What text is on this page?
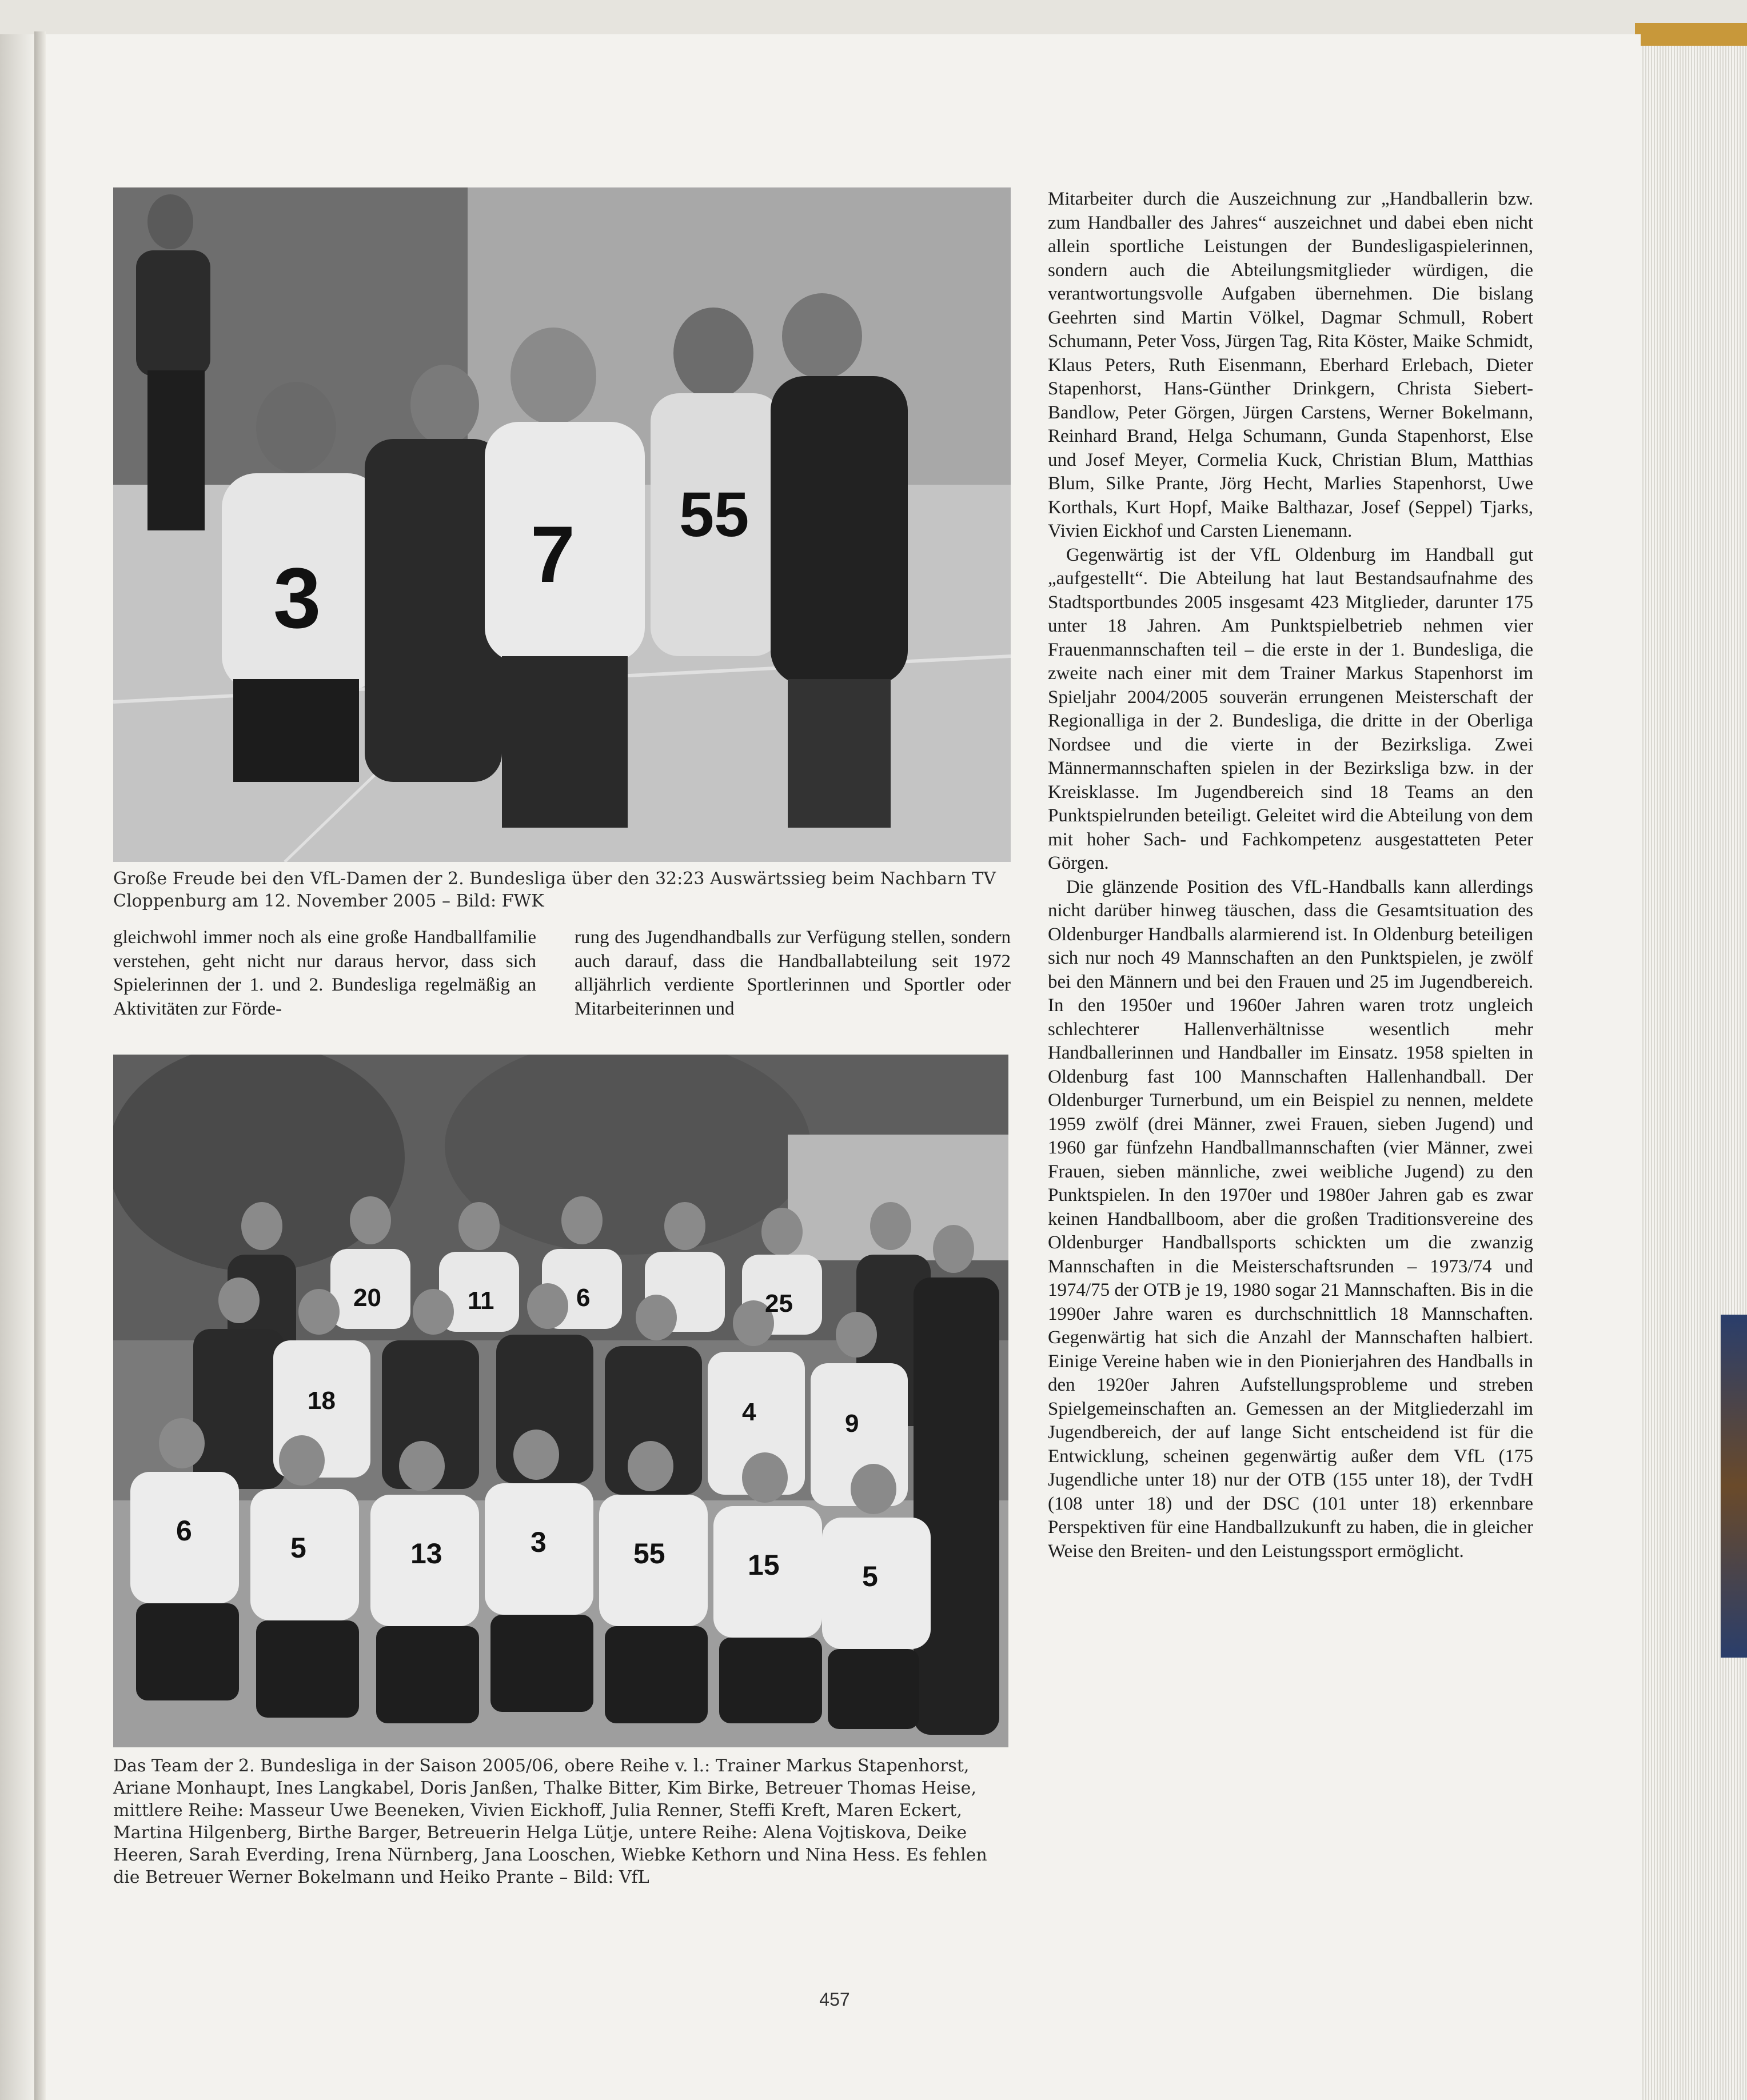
3	7 55
Große Freude bei den VfL-Damen der 2. Bundesliga über den 32:23 Auswärtssieg beim Nachbarn TV Cloppenburg am 12. November 2005 – Bild: FWK

gleichwohl immer noch als eine große Handballfamilie verstehen, geht nicht nur daraus hervor, dass sich Spielerinnen der 1. und 2. Bundesliga regelmäßig an Aktivitäten zur Förde-

rung des Jugendhandballs zur Verfügung stellen, sondern auch darauf, dass die Handballabteilung seit 1972 alljährlich verdiente Sportlerinnen und Sportler oder Mitarbeiterinnen und

20	11	6	25
18	4	9
6
5	13	3	55	15	5
Das Team der 2. Bundesliga in der Saison 2005/06, obere Reihe v. l.: Trainer Markus Stapenhorst, Ariane Monhaupt, Ines Langkabel, Doris Janßen, Thalke Bitter, Kim Birke, Betreuer Thomas Heise, mittlere Reihe: Masseur Uwe Beeneken, Vivien Eickhoff, Julia Renner, Steffi Kreft, Maren Eckert, Martina Hilgenberg, Birthe Barger, Betreuerin Helga Lütje, untere Reihe: Alena Vojtiskova, Deike Heeren, Sarah Everding, Irena Nürnberg, Jana Looschen, Wiebke Kethorn und Nina Hess. Es fehlen die Betreuer Werner Bokelmann und Heiko Prante – Bild: VfL

Mitarbeiter durch die Auszeichnung zur „Handballerin bzw. zum Handballer des Jahres“ auszeichnet und dabei eben nicht allein sportliche Leistungen der Bundesligaspielerinnen, sondern auch die Abteilungsmitglieder würdigen, die verantwortungsvolle Aufgaben übernehmen. Die bislang Geehrten sind Martin Völkel, Dagmar Schmull, Robert Schumann, Peter Voss, Jürgen Tag, Rita Köster, Maike Schmidt, Klaus Peters, Ruth Eisenmann, Eberhard Erlebach, Dieter Stapenhorst, Hans-Günther Drinkgern, Christa Siebert-Bandlow, Peter Görgen, Jürgen Carstens, Werner Bokelmann, Reinhard Brand, Helga Schumann, Gunda Stapenhorst, Else und Josef Meyer, Cormelia Kuck, Christian Blum, Matthias Blum, Silke Prante, Jörg Hecht, Marlies Stapenhorst, Uwe Korthals, Kurt Hopf, Maike Balthazar, Josef (Seppel) Tjarks, Vivien Eickhof und Carsten Lienemann.

Gegenwärtig ist der VfL Oldenburg im Handball gut „aufgestellt“. Die Abteilung hat laut Bestandsaufnahme des Stadtsportbundes 2005 insgesamt 423 Mitglieder, darunter 175 unter 18 Jahren. Am Punktspielbetrieb nehmen vier Frauenmannschaften teil – die erste in der 1. Bundesliga, die zweite nach einer mit dem Trainer Markus Stapenhorst im Spieljahr 2004/2005 souverän errungenen Meisterschaft der Regionalliga in der 2. Bundesliga, die dritte in der Oberliga Nordsee und die vierte in der Bezirksliga. Zwei Männermannschaften spielen in der Bezirksliga bzw. in der Kreisklasse. Im Jugendbereich sind 18 Teams an den Punktspielrunden beteiligt. Geleitet wird die Abteilung von dem mit hoher Sach- und Fachkompetenz ausgestatteten Peter Görgen.

Die glänzende Position des VfL-Handballs kann allerdings nicht darüber hinweg täuschen, dass die Gesamtsituation des Oldenburger Handballs alarmierend ist. In Oldenburg beteiligen sich nur noch 49 Mannschaften an den Punktspielen, je zwölf bei den Männern und bei den Frauen und 25 im Jugendbereich. In den 1950er und 1960er Jahren waren trotz ungleich schlechterer Hallenverhältnisse wesentlich mehr Handballerinnen und Handballer im Einsatz. 1958 spielten in Oldenburg fast 100 Mannschaften Hallenhandball. Der Oldenburger Turnerbund, um ein Beispiel zu nennen, meldete 1959 zwölf (drei Männer, zwei Frauen, sieben Jugend) und 1960 gar fünfzehn Handballmannschaften (vier Männer, zwei Frauen, sieben männliche, zwei weibliche Jugend) zu den Punktspielen. In den 1970er und 1980er Jahren gab es zwar keinen Handballboom, aber die großen Traditionsvereine des Oldenburger Handballsports schickten um die zwanzig Mannschaften in die Meisterschaftsrunden – 1973/74 und 1974/75 der OTB je 19, 1980 sogar 21 Mannschaften. Bis in die 1990er Jahre waren es durchschnittlich 18 Mannschaften. Gegenwärtig hat sich die Anzahl der Mannschaften halbiert. Einige Vereine haben wie in den Pionierjahren des Handballs in den 1920er Jahren Aufstellungsprobleme und streben Spielgemeinschaften an. Gemessen an der Mitgliederzahl im Jugendbereich, der auf lange Sicht entscheidend ist für die Entwicklung, scheinen gegenwärtig außer dem VfL (175 Jugendliche unter 18) nur der OTB (155 unter 18), der TvdH (108 unter 18) und der DSC (101 unter 18) erkennbare Perspektiven für eine Handballzukunft zu haben, die in gleicher Weise den Breiten- und den Leistungssport ermöglicht.

457
